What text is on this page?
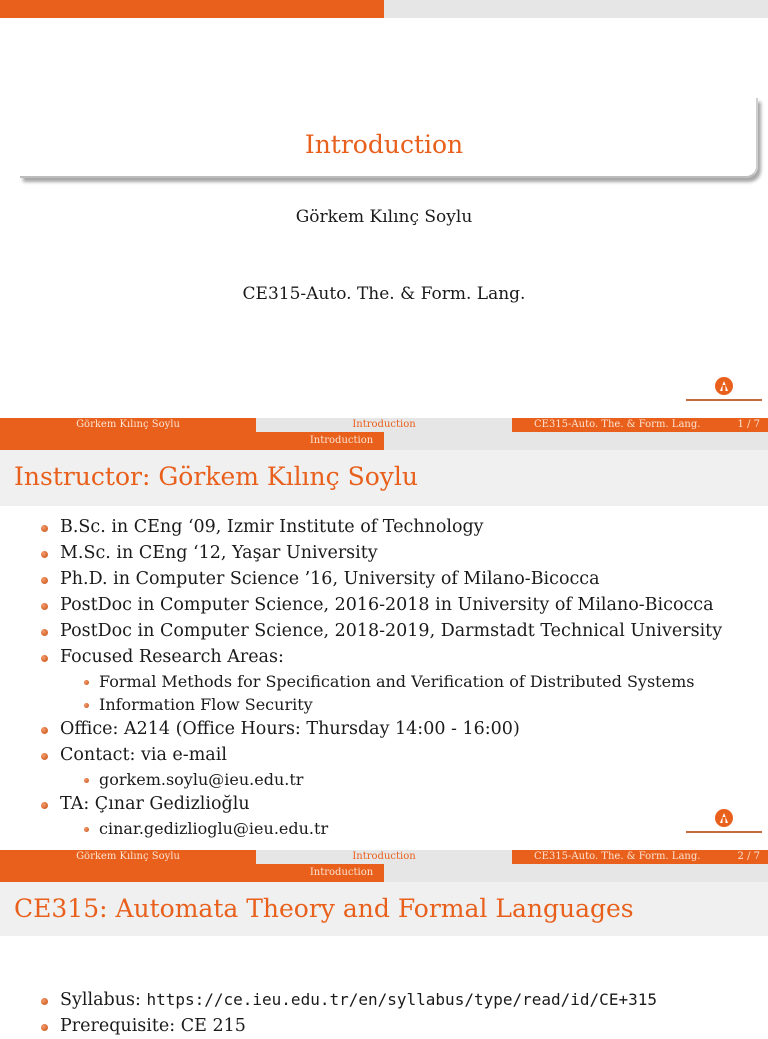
Introduction
Görkem Kılınç Soylu
CE315-Auto. The. & Form. Lang.
Görkem Kılınç Soylu	Introduction	CE315-Auto. The. & Form. Lang.	1 / 7
Introduction
Instructor: Görkem Kılınç Soylu
B.Sc. in CEng ‘09, Izmir Institute of Technology
M.Sc. in CEng ‘12, Yaşar University
Ph.D. in Computer Science ’16, University of Milano-Bicocca
PostDoc in Computer Science, 2016-2018 in University of Milano-Bicocca
PostDoc in Computer Science, 2018-2019, Darmstadt Technical University
Focused Research Areas:
Formal Methods for Specification and Verification of Distributed Systems
Information Flow Security
Office: A214 (Office Hours: Thursday 14:00 - 16:00)
Contact: via e-mail
gorkem.soylu@ieu.edu.tr
TA: Çınar Gedizlioğlu
cinar.gedizlioglu@ieu.edu.tr
Görkem Kılınç Soylu	Introduction	CE315-Auto. The. & Form. Lang.	2 / 7
Introduction
CE315: Automata Theory and Formal Languages
Syllabus: https://ce.ieu.edu.tr/en/syllabus/type/read/id/CE+315
Prerequisite: CE 215
